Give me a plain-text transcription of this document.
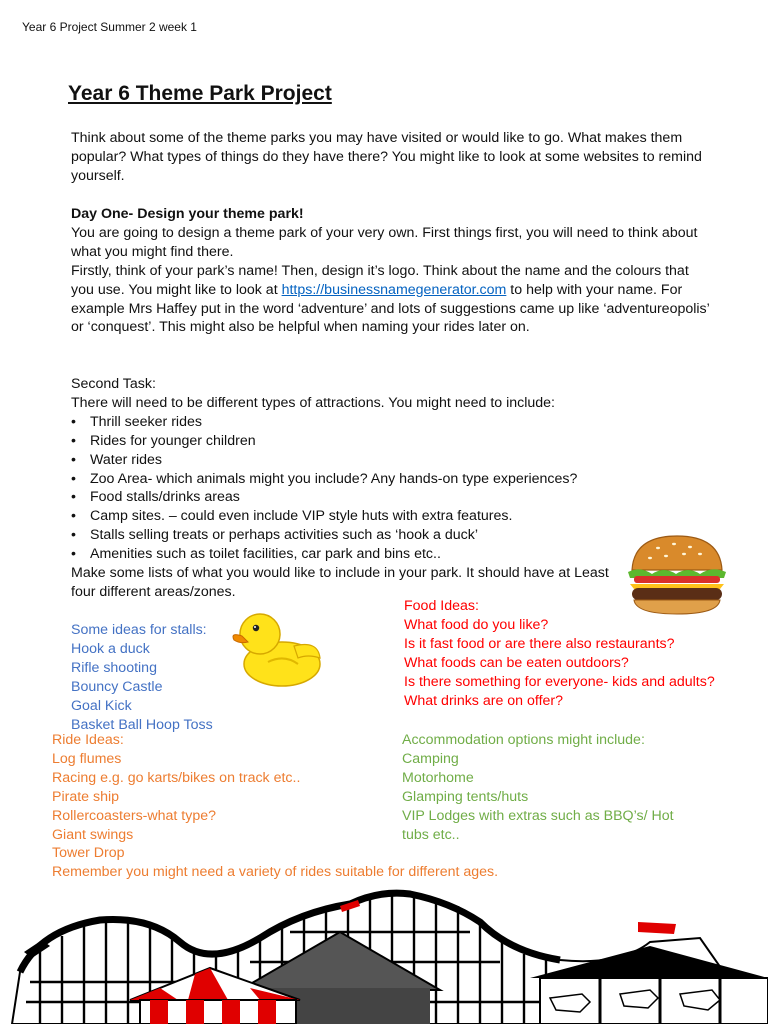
Year 6 Project Summer 2 week 1
Year 6 Theme Park Project

Think about some of the theme parks you may have visited or would like to go. What makes them popular? What types of things do they have there? You might like to look at some websites to remind yourself.

Day One- Design your theme park!

You are going to design a theme park of your very own. First things first, you will need to think about what you might find there.

Firstly, think of your park’s name! Then, design it’s logo. Think about the name and the colours that you use. You might like to look at https://businessnamegenerator.com to help with your name. For example Mrs Haffey put in the word ‘adventure’ and lots of suggestions came up like ‘adventureopolis’ or ‘conquest’. This might also be helpful when naming your rides later on.

Second Task:

There will need to be different types of attractions. You might need to include:

• Thrill seeker rides
• Rides for younger children
• Water rides
• Zoo Area- which animals might you include? Any hands-on type experiences?
• Food stalls/drinks areas
• Camp sites. – could even include VIP style huts with extra features.
• Stalls selling treats or perhaps activities such as ‘hook a duck’
• Amenities such as toilet facilities, car park and bins etc..

Make some lists of what you would like to include in your park. It should have at Least four different areas/zones.

Some ideas for stalls:
Hook a duck
Rifle shooting
Bouncy Castle
Goal Kick
Basket Ball Hoop Toss
Food Ideas:
What food do you like?
Is it fast food or are there also restaurants?
What foods can be eaten outdoors?
Is there something for everyone- kids and adults?
What drinks are on offer?
Ride Ideas:
Log flumes
Racing e.g. go karts/bikes on track etc..
Pirate ship
Rollercoasters-what type?
Giant swings
Tower Drop
Remember you might need a variety of rides suitable for different ages.
Accommodation options might include:
Camping
Motorhome
Glamping tents/huts
VIP Lodges with extras such as BBQ’s/ Hot
tubs etc..
